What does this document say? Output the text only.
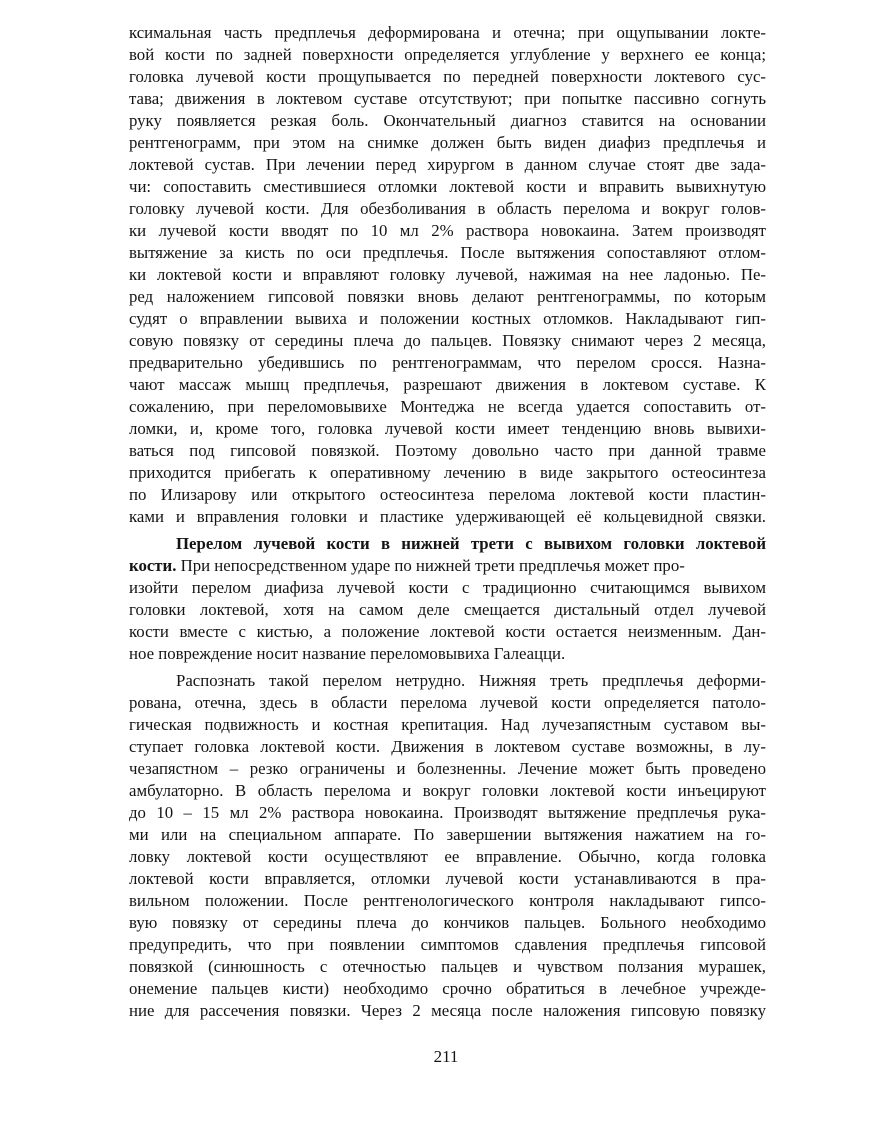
ксимальная часть предплечья деформирована и отечна; при ощупывании локте-
вой кости по задней поверхности определяется углубление у верхнего ее конца;
головка лучевой кости прощупывается по передней поверхности локтевого сус-
тава; движения в локтевом суставе отсутствуют; при попытке пассивно согнуть
руку появляется резкая боль. Окончательный диагноз ставится на основании
рентгенограмм, при этом на снимке должен быть виден диафиз предплечья и
локтевой сустав. При лечении перед хирургом в данном случае стоят две зада-
чи: сопоставить сместившиеся отломки локтевой кости и вправить вывихнутую
головку лучевой кости. Для обезболивания в область перелома и вокруг голов-
ки лучевой кости вводят по 10 мл 2% раствора новокаина. Затем производят
вытяжение за кисть по оси предплечья. После вытяжения сопоставляют отлом-
ки локтевой кости и вправляют головку лучевой, нажимая на нее ладонью. Пе-
ред наложением гипсовой повязки вновь делают рентгенограммы, по которым
судят о вправлении вывиха и положении костных отломков. Накладывают гип-
совую повязку от середины плеча до пальцев. Повязку снимают через 2 месяца,
предварительно убедившись по рентгенограммам, что перелом сросся. Назна-
чают массаж мышц предплечья, разрешают движения в локтевом суставе. К
сожалению, при переломовывихе Монтеджа не всегда удается сопоставить от-
ломки, и, кроме того, головка лучевой кости имеет тенденцию вновь вывихи-
ваться под гипсовой повязкой. Поэтому довольно часто при данной травме
приходится прибегать к оперативному лечению в виде закрытого остеосинтеза
по Илизарову или открытого остеосинтеза перелома локтевой кости пластин-
ками и вправления головки и пластике удерживающей её кольцевидной связки.
Перелом лучевой кости в нижней трети с вывихом головки локтевой
кости. При непосредственном ударе по нижней трети предплечья может про-
изойти перелом диафиза лучевой кости с традиционно считающимся вывихом
головки локтевой, хотя на самом деле смещается дистальный отдел лучевой
кости вместе с кистью, а положение локтевой кости остается неизменным. Дан-
ное повреждение носит название переломовывиха Галеацци.
Распознать такой перелом нетрудно. Нижняя треть предплечья деформи-
рована, отечна, здесь в области перелома лучевой кости определяется патоло-
гическая подвижность и костная крепитация. Над лучезапястным суставом вы-
ступает головка локтевой кости. Движения в локтевом суставе возможны, в лу-
чезапястном – резко ограничены и болезненны. Лечение может быть проведено
амбулаторно. В область перелома и вокруг головки локтевой кости инъецируют
до 10 – 15 мл 2% раствора новокаина. Производят вытяжение предплечья рука-
ми или на специальном аппарате. По завершении вытяжения нажатием на го-
ловку локтевой кости осуществляют ее вправление. Обычно, когда головка
локтевой кости вправляется, отломки лучевой кости устанавливаются в пра-
вильном положении. После рентгенологического контроля накладывают гипсо-
вую повязку от середины плеча до кончиков пальцев. Больного необходимо
предупредить, что при появлении симптомов сдавления предплечья гипсовой
повязкой (синюшность с отечностью пальцев и чувством ползания мурашек,
онемение пальцев кисти) необходимо срочно обратиться в лечебное учрежде-
ние для рассечения повязки. Через 2 месяца после наложения гипсовую повязку
211
